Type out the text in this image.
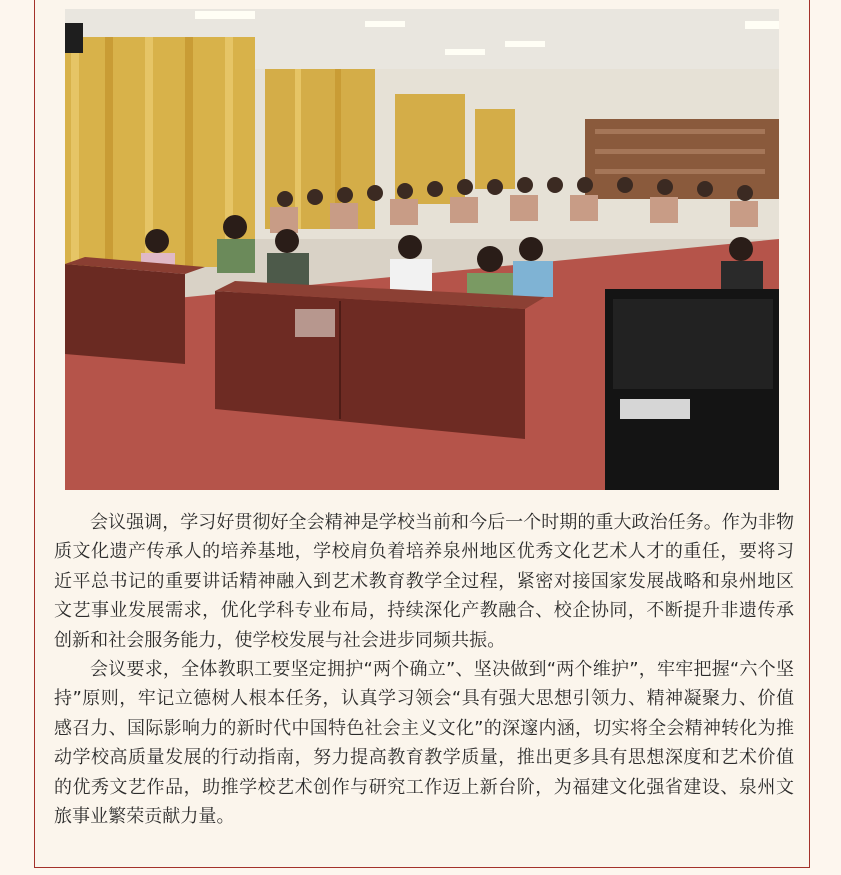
会议强调，学习好贯彻好全会精神是学校当前和今后一个时期的重大政治任务。作为非物质文化遗产传承人的培养基地，学校肩负着培养泉州地区优秀文化艺术人才的重任，要将习近平总书记的重要讲话精神融入到艺术教育教学全过程，紧密对接国家发展战略和泉州地区文艺事业发展需求，优化学科专业布局，持续深化产教融合、校企协同，不断提升非遗传承创新和社会服务能力，使学校发展与社会进步同频共振。

会议要求，全体教职工要坚定拥护“两个确立”、坚决做到“两个维护”，牢牢把握“六个坚持”原则，牢记立德树人根本任务，认真学习领会“具有强大思想引领力、精神凝聚力、价值感召力、国际影响力的新时代中国特色社会主义文化”的深邃内涵，切实将全会精神转化为推动学校高质量发展的行动指南，努力提高教育教学质量，推出更多具有思想深度和艺术价值的优秀文艺作品，助推学校艺术创作与研究工作迈上新台阶，为福建文化强省建设、泉州文旅事业繁荣贡献力量。
